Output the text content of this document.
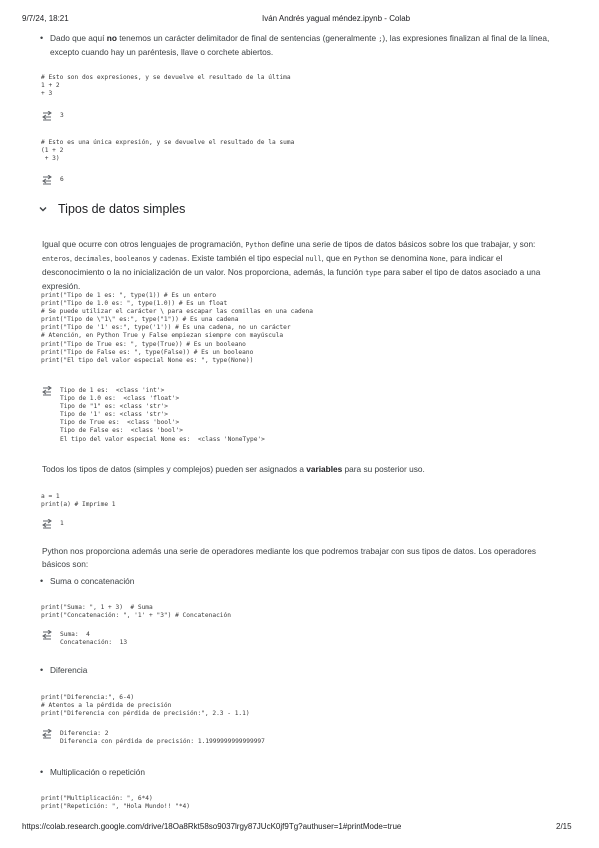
9/7/24, 18:21	Iván Andrés yagual méndez.ipynb - Colab
• Dado que aquí no tenemos un carácter delimitador de final de sentencias (generalmente ;), las expresiones finalizan al final de la línea, excepto cuando hay un paréntesis, llave o corchete abiertos.
# Esto son dos expresiones, y se devuelve el resultado de la última
1 + 2
+ 3
3
# Esto es una única expresión, y se devuelve el resultado de la suma
(1 + 2
+ 3)
6
Tipos de datos simples
Igual que ocurre con otros lenguajes de programación, Python define una serie de tipos de datos básicos sobre los que trabajar, y son: enteros, decimales, booleanos y cadenas. Existe también el tipo especial null, que en Python se denomina None, para indicar el desconocimiento o la no inicialización de un valor. Nos proporciona, además, la función type para saber el tipo de datos asociado a una expresión.
print("Tipo de 1 es: ", type(1)) # Es un entero
print("Tipo de 1.0 es: ", type(1.0)) # Es un float
# Se puede utilizar el carácter \ para escapar las comillas en una cadena
print("Tipo de \"1\" es:", type("1")) # Es una cadena
print("Tipo de '1' es:", type('1')) # Es una cadena, no un carácter
# Atención, en Python True y False empiezan siempre con mayúscula
print("Tipo de True es: ", type(True)) # Es un booleano
print("Tipo de False es: ", type(False)) # Es un booleano
print("El tipo del valor especial None es: ", type(None))
Tipo de 1 es:  <class 'int'>
Tipo de 1.0 es:  <class 'float'>
Tipo de "1" es: <class 'str'>
Tipo de '1' es: <class 'str'>
Tipo de True es:  <class 'bool'>
Tipo de False es:  <class 'bool'>
El tipo del valor especial None es:  <class 'NoneType'>
Todos los tipos de datos (simples y complejos) pueden ser asignados a variables para su posterior uso.
a = 1
print(a) # Imprime 1
1
Python nos proporciona además una serie de operadores mediante los que podremos trabajar con sus tipos de datos. Los operadores básicos son:
• Suma o concatenación
print("Suma: ", 1 + 3)  # Suma
print("Concatenación: ", '1' + "3") # Concatenación
Suma:  4
Concatenación:  13
• Diferencia
print("Diferencia:", 6-4)
# Atentos a la pérdida de precisión
print("Diferencia con pérdida de precisión:", 2.3 - 1.1)
Diferencia: 2
Diferencia con pérdida de precisión: 1.1999999999999997
• Multiplicación o repetición
print("Multiplicación: ", 6*4)
print("Repetición: ", "Hola Mundo!! "*4)
https://colab.research.google.com/drive/18Oa8Rkt58so9037lrgy87JUcK0jf9Tg?authuser=1#printMode=true	2/15
